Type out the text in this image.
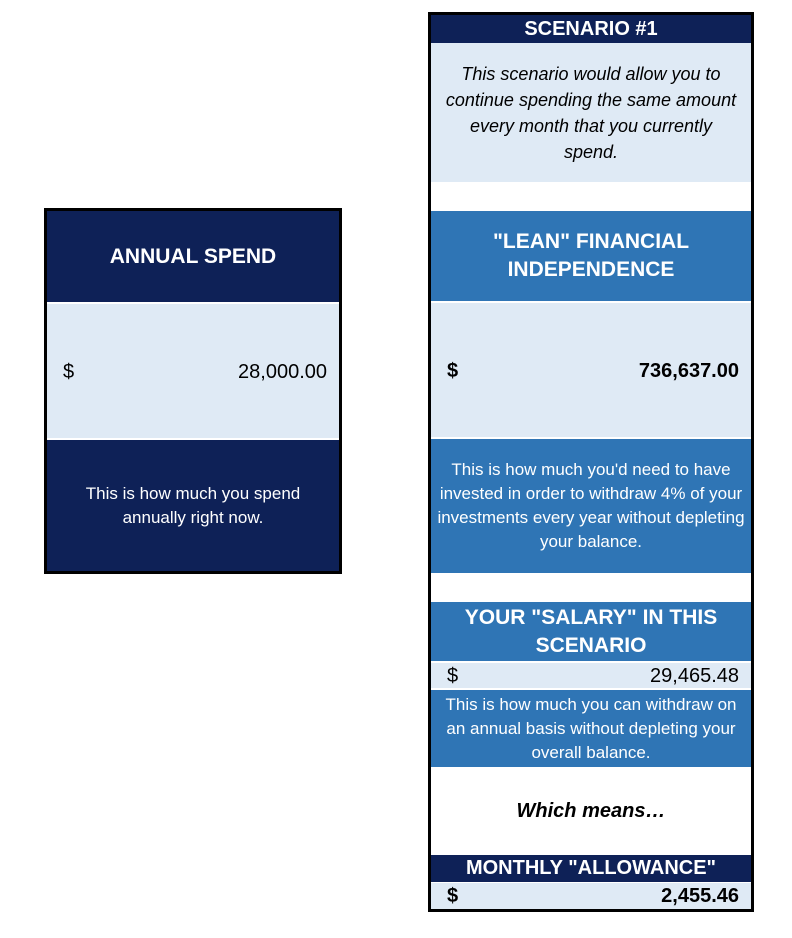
ANNUAL SPEND
$	28,000.00
This is how much you spend annually right now.
SCENARIO #1
This scenario would allow you to continue spending the same amount every month that you currently spend.
"LEAN" FINANCIAL INDEPENDENCE
$	736,637.00
This is how much you'd need to have invested in order to withdraw 4% of your investments every year without depleting your balance.
YOUR "SALARY" IN THIS SCENARIO
$	29,465.48
This is how much you can withdraw on an annual basis without depleting your overall balance.
Which means…
MONTHLY "ALLOWANCE"
$	2,455.46
